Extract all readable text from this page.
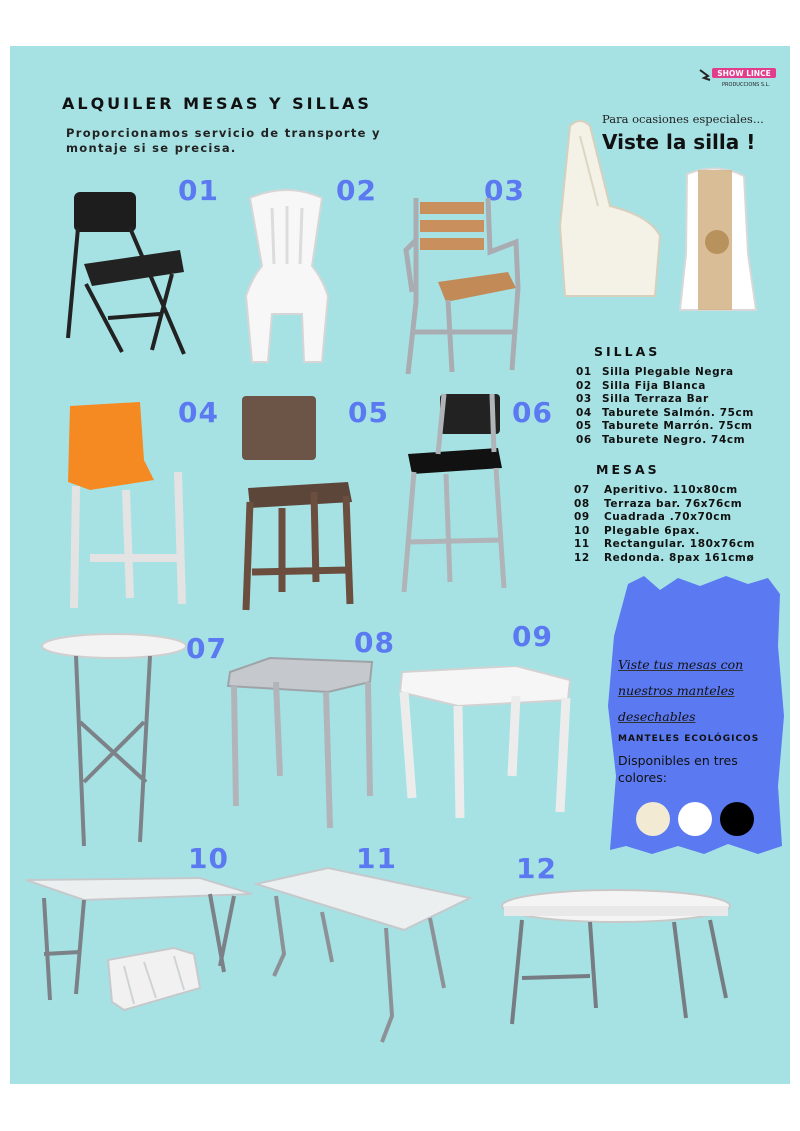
SHOW LINCE
PRODUCCIONS S.L.
ALQUILER MESAS Y SILLAS
Proporcionamos servicio de transporte y montaje si se precisa.
Para ocasiones especiales...
Viste la silla !
01	02	03
04	05	06
SILLAS
01 Silla Plegable Negra
02 Silla Fija Blanca
03 Silla Terraza Bar
04 Taburete Salmón. 75cm
05 Taburete Marrón. 75cm
06 Taburete Negro. 74cm
MESAS
07 Aperitivo. 110x80cm
08 Terraza bar. 76x76cm
09 Cuadrada .70x70cm
10 Plegable 6pax.
11 Rectangular. 180x76cm
12 Redonda. 8pax 161cmø
07	08	09
10	11	12
Viste tus mesas con
nuestros manteles
desechables
MANTELES ECOLÓGICOS
Disponibles en tres colores:
